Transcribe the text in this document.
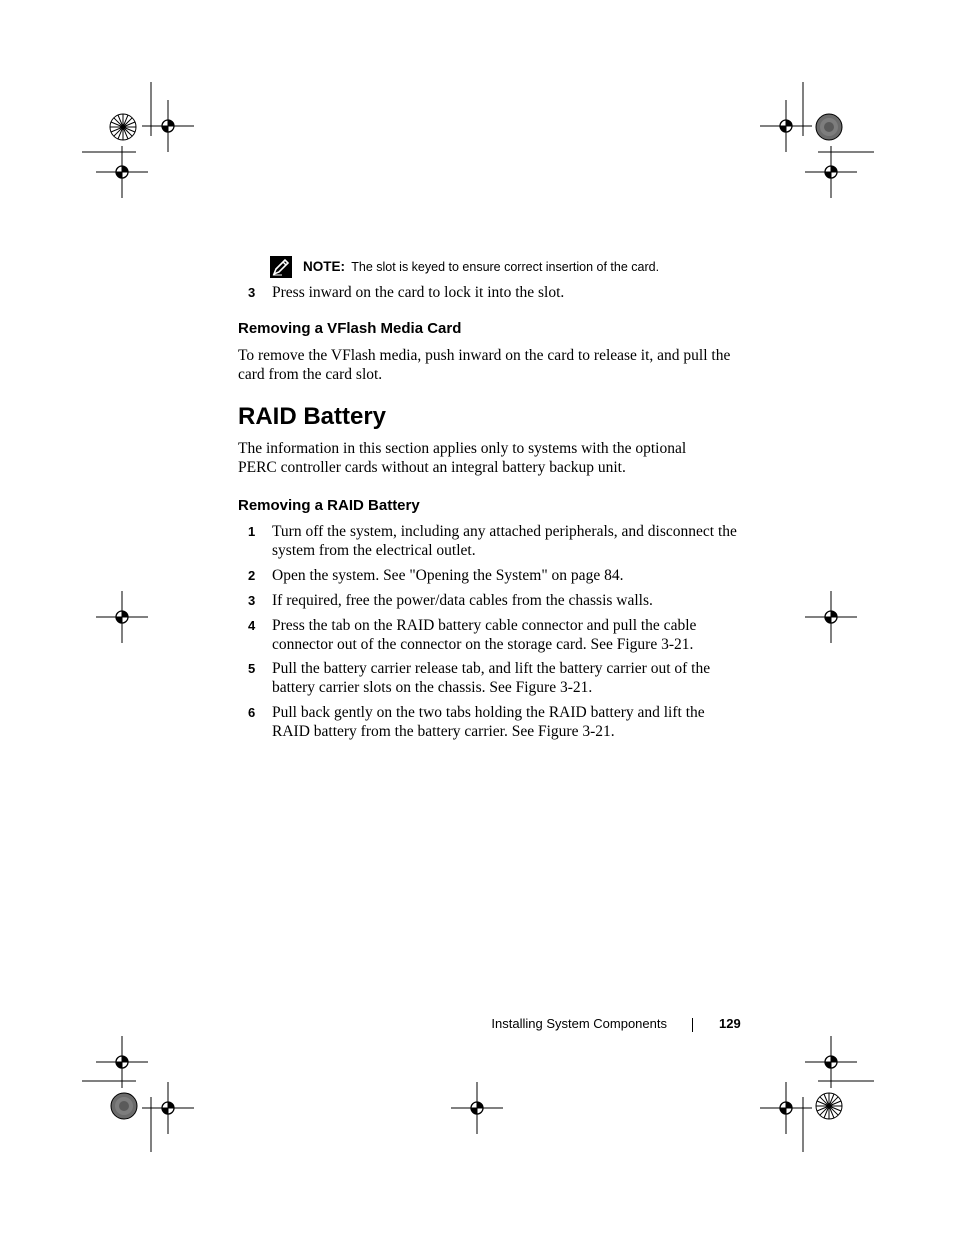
NOTE: The slot is keyed to ensure correct insertion of the card.
3 Press inward on the card to lock it into the slot.
Removing a VFlash Media Card
To remove the VFlash media, push inward on the card to release it, and pull the card from the card slot.
RAID Battery
The information in this section applies only to systems with the optional PERC controller cards without an integral battery backup unit.
Removing a RAID Battery
1 Turn off the system, including any attached peripherals, and disconnect the system from the electrical outlet.
2 Open the system. See "Opening the System" on page 84.
3 If required, free the power/data cables from the chassis walls.
4 Press the tab on the RAID battery cable connector and pull the cable connector out of the connector on the storage card. See Figure 3-21.
5 Pull the battery carrier release tab, and lift the battery carrier out of the battery carrier slots on the chassis. See Figure 3-21.
6 Pull back gently on the two tabs holding the RAID battery and lift the RAID battery from the battery carrier. See Figure 3-21.
Installing System Components	129
